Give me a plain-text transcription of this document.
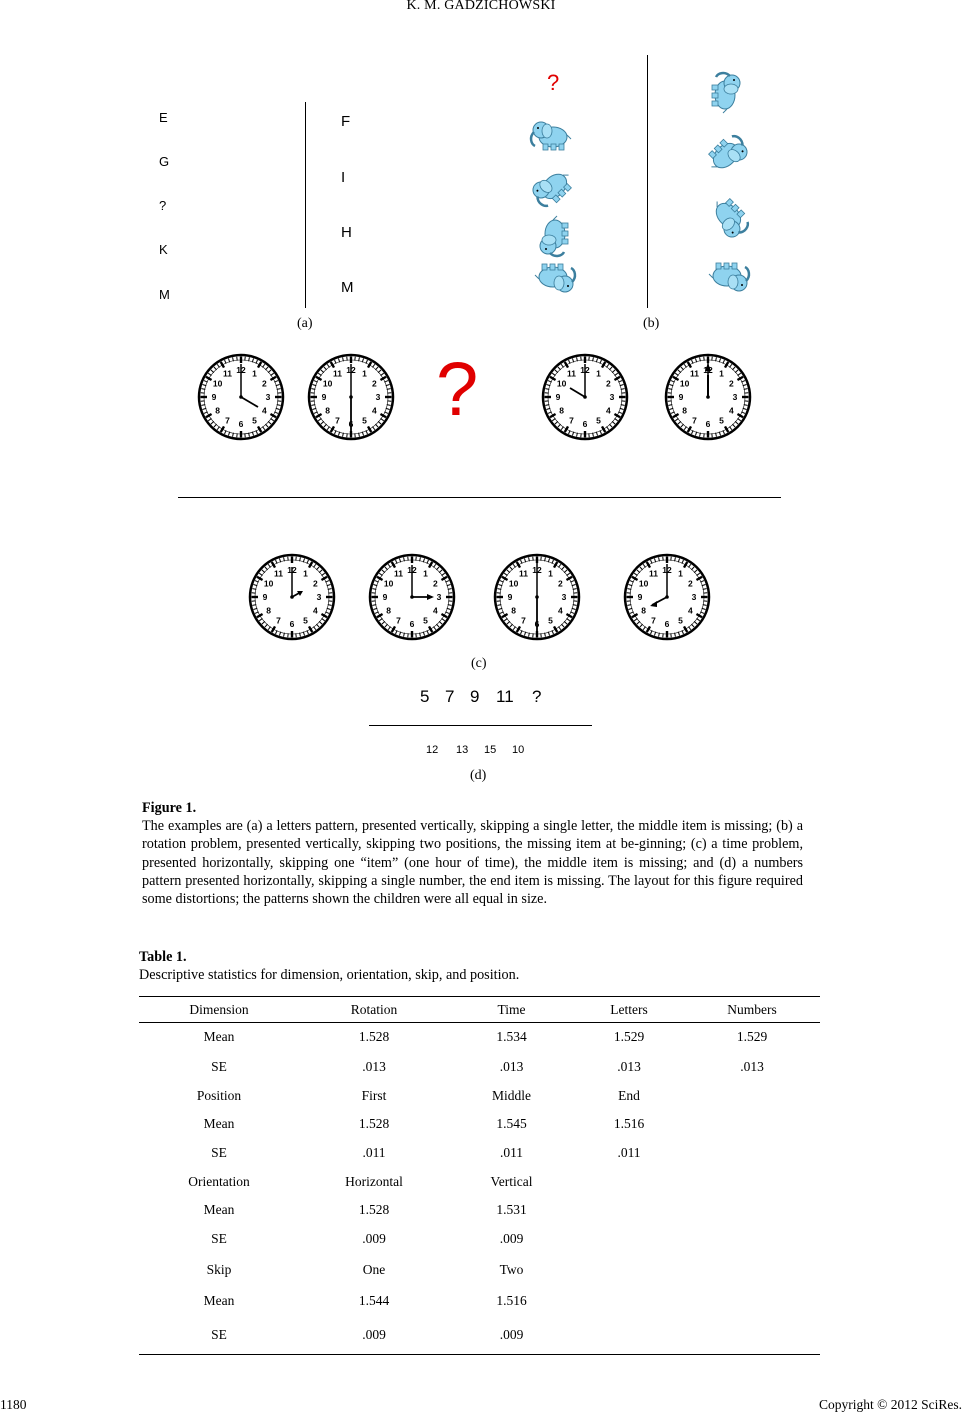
K. M. GADZICHOWSKI
E
G
?
K
M
F
I
H
M
(a)
?
(b)
?
(c)
5 7 9 11 ?
12 13 15 10
(d)
Figure 1.
The examples are (a) a letters pattern, presented vertically, skipping a single letter, the middle item is missing; (b) a rotation problem, presented vertically, skipping two positions, the missing item at be-ginning; (c) a time problem, presented horizontally, skipping one “item” (one hour of time), the middle item is missing; and (d) a numbers pattern presented horizontally, skipping a single number, the end item is missing. The layout for this figure required some distortions; the patterns shown the children were all equal in size.
Table 1.
Descriptive statistics for dimension, orientation, skip, and position.
Dimension	Rotation	Time	Letters	Numbers
Mean	1.528	1.534	1.529	1.529
SE	.013	.013	.013	.013
Position	First	Middle	End	
Mean	1.528	1.545	1.516	
SE	.011	.011	.011	
Orientation	Horizontal	Vertical		
Mean	1.528	1.531		
SE	.009	.009		
Skip	One	Two		
Mean	1.544	1.516		
SE	.009	.009		
1180	Copyright © 2012 SciRes.
